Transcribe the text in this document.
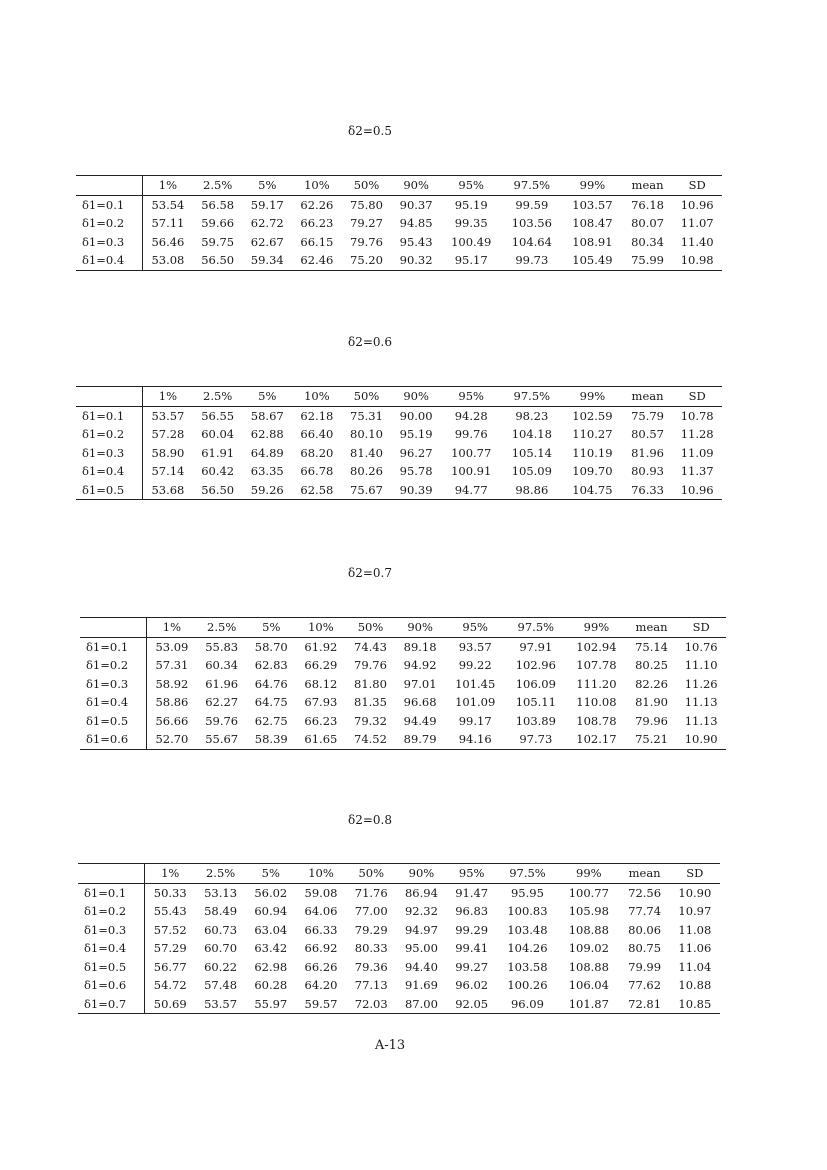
δ2=0.5
	1%	2.5%	5%	10%	50%	90%	95%	97.5%	99%	mean	SD
δ1=0.1	53.54	56.58	59.17	62.26	75.80	90.37	95.19	99.59	103.57	76.18	10.96
δ1=0.2	57.11	59.66	62.72	66.23	79.27	94.85	99.35	103.56	108.47	80.07	11.07
δ1=0.3	56.46	59.75	62.67	66.15	79.76	95.43	100.49	104.64	108.91	80.34	11.40
δ1=0.4	53.08	56.50	59.34	62.46	75.20	90.32	95.17	99.73	105.49	75.99	10.98
δ2=0.6
	1%	2.5%	5%	10%	50%	90%	95%	97.5%	99%	mean	SD
δ1=0.1	53.57	56.55	58.67	62.18	75.31	90.00	94.28	98.23	102.59	75.79	10.78
δ1=0.2	57.28	60.04	62.88	66.40	80.10	95.19	99.76	104.18	110.27	80.57	11.28
δ1=0.3	58.90	61.91	64.89	68.20	81.40	96.27	100.77	105.14	110.19	81.96	11.09
δ1=0.4	57.14	60.42	63.35	66.78	80.26	95.78	100.91	105.09	109.70	80.93	11.37
δ1=0.5	53.68	56.50	59.26	62.58	75.67	90.39	94.77	98.86	104.75	76.33	10.96
δ2=0.7
	1%	2.5%	5%	10%	50%	90%	95%	97.5%	99%	mean	SD
δ1=0.1	53.09	55.83	58.70	61.92	74.43	89.18	93.57	97.91	102.94	75.14	10.76
δ1=0.2	57.31	60.34	62.83	66.29	79.76	94.92	99.22	102.96	107.78	80.25	11.10
δ1=0.3	58.92	61.96	64.76	68.12	81.80	97.01	101.45	106.09	111.20	82.26	11.26
δ1=0.4	58.86	62.27	64.75	67.93	81.35	96.68	101.09	105.11	110.08	81.90	11.13
δ1=0.5	56.66	59.76	62.75	66.23	79.32	94.49	99.17	103.89	108.78	79.96	11.13
δ1=0.6	52.70	55.67	58.39	61.65	74.52	89.79	94.16	97.73	102.17	75.21	10.90
δ2=0.8
	1%	2.5%	5%	10%	50%	90%	95%	97.5%	99%	mean	SD
δ1=0.1	50.33	53.13	56.02	59.08	71.76	86.94	91.47	95.95	100.77	72.56	10.90
δ1=0.2	55.43	58.49	60.94	64.06	77.00	92.32	96.83	100.83	105.98	77.74	10.97
δ1=0.3	57.52	60.73	63.04	66.33	79.29	94.97	99.29	103.48	108.88	80.06	11.08
δ1=0.4	57.29	60.70	63.42	66.92	80.33	95.00	99.41	104.26	109.02	80.75	11.06
δ1=0.5	56.77	60.22	62.98	66.26	79.36	94.40	99.27	103.58	108.88	79.99	11.04
δ1=0.6	54.72	57.48	60.28	64.20	77.13	91.69	96.02	100.26	106.04	77.62	10.88
δ1=0.7	50.69	53.57	55.97	59.57	72.03	87.00	92.05	96.09	101.87	72.81	10.85
A-13
